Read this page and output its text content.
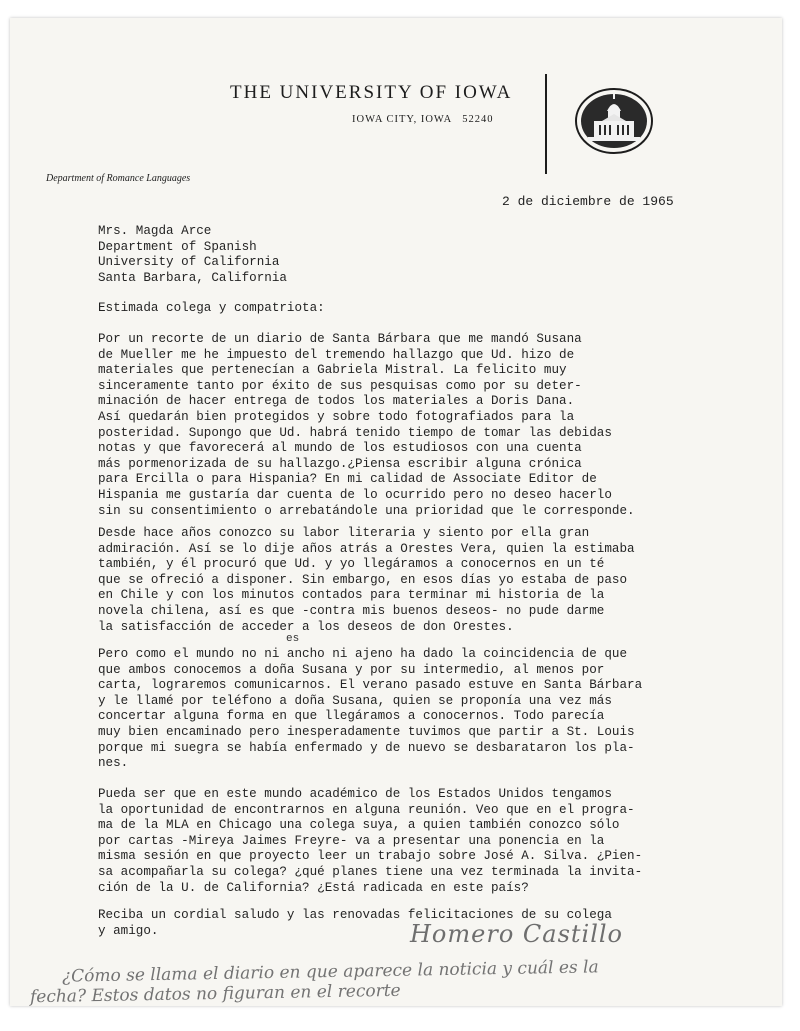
THE UNIVERSITY OF IOWA
IOWA CITY, IOWA 52240
Department of Romance Languages
2 de diciembre de 1965
Mrs. Magda Arce
Department of Spanish
University of California
Santa Barbara, California
Estimada colega y compatriota:
Por un recorte de un diario de Santa Bárbara que me mandó Susana
de Mueller me he impuesto del tremendo hallazgo que Ud. hizo de
materiales que pertenecían a Gabriela Mistral. La felicito muy
sinceramente tanto por éxito de sus pesquisas como por su deter-
minación de hacer entrega de todos los materiales a Doris Dana.
Así quedarán bien protegidos y sobre todo fotografiados para la
posteridad. Supongo que Ud. habrá tenido tiempo de tomar las debidas
notas y que favorecerá al mundo de los estudiosos con una cuenta
más pormenorizada de su hallazgo.¿Piensa escribir alguna crónica
para Ercilla o para Hispania? En mi calidad de Associate Editor de
Hispania me gustaría dar cuenta de lo ocurrido pero no deseo hacerlo
sin su consentimiento o arrebatándole una prioridad que le corresponde.
Desde hace años conozco su labor literaria y siento por ella gran
admiración. Así se lo dije años atrás a Orestes Vera, quien la estimaba
también, y él procuró que Ud. y yo llegáramos a conocernos en un té
que se ofreció a disponer. Sin embargo, en esos días yo estaba de paso
en Chile y con los minutos contados para terminar mi historia de la
novela chilena, así es que -contra mis buenos deseos- no pude darme
la satisfacción de acceder a los deseos de don Orestes.
es
Pero como el mundo no ni ancho ni ajeno ha dado la coincidencia de que
que ambos conocemos a doña Susana y por su intermedio, al menos por
carta, lograremos comunicarnos. El verano pasado estuve en Santa Bárbara
y le llamé por teléfono a doña Susana, quien se proponía una vez más
concertar alguna forma en que llegáramos a conocernos. Todo parecía
muy bien encaminado pero inesperadamente tuvimos que partir a St. Louis
porque mi suegra se había enfermado y de nuevo se desbarataron los pla-
nes.
Pueda ser que en este mundo académico de los Estados Unidos tengamos
la oportunidad de encontrarnos en alguna reunión. Veo que en el progra-
ma de la MLA en Chicago una colega suya, a quien también conozco sólo
por cartas -Mireya Jaimes Freyre- va a presentar una ponencia en la
misma sesión en que proyecto leer un trabajo sobre José A. Silva. ¿Pien-
sa acompañarla su colega? ¿qué planes tiene una vez terminada la invita-
ción de la U. de California? ¿Está radicada en este país?
Reciba un cordial saludo y las renovadas felicitaciones de su colega
y amigo.	Homero Castillo
¿Cómo se llama el diario en que aparece la noticia y cuál es la
fecha? Estos datos no figuran en el recorte
